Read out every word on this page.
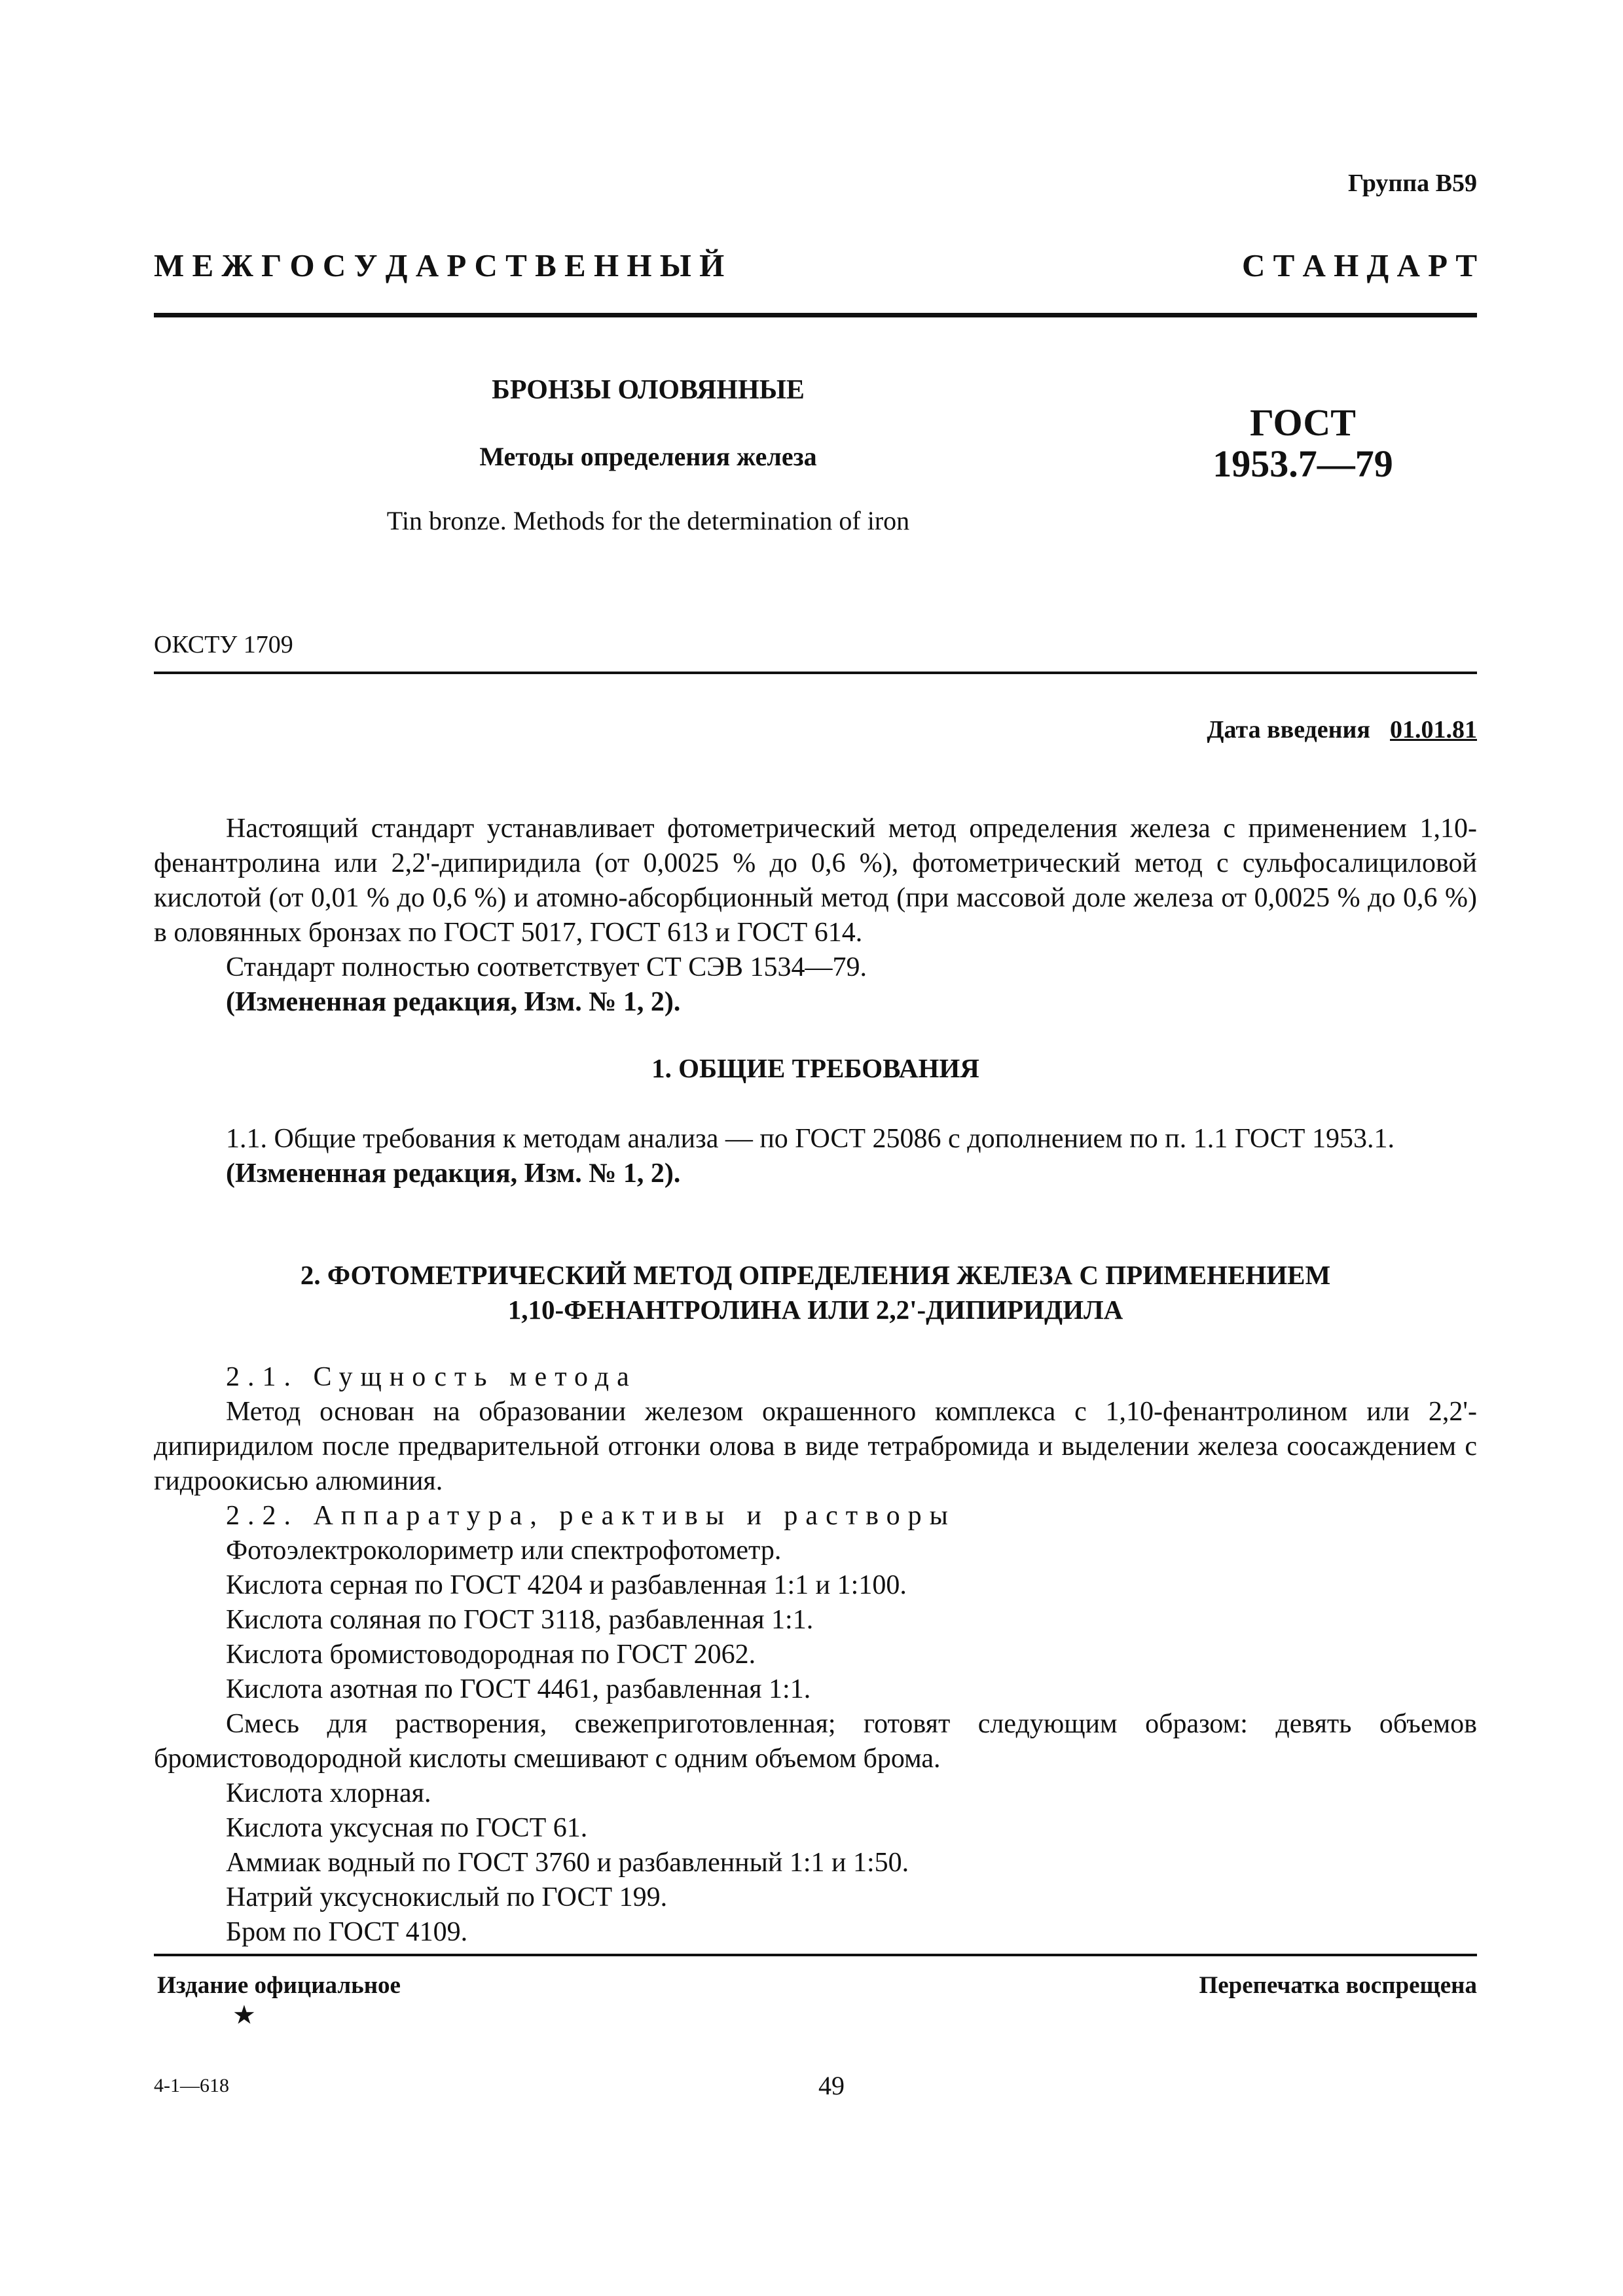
Группа В59
М Е Ж Г О С У Д А Р С Т В Е Н Н Ы Й	С Т А Н Д А Р Т
БРОНЗЫ ОЛОВЯННЫЕ
Методы определения железа
Tin bronze. Methods for the determination of iron
ГОСТ
1953.7—79
ОКСТУ 1709
Дата введения 01.01.81

Настоящий стандарт устанавливает фотометрический метод определения железа с применением 1,10-фенантролина или 2,2'-дипиридила (от 0,0025 % до 0,6 %), фотометрический метод с сульфосалициловой кислотой (от 0,01 % до 0,6 %) и атомно-абсорбционный метод (при массовой доле железа от 0,0025 % до 0,6 %) в оловянных бронзах по ГОСТ 5017, ГОСТ 613 и ГОСТ 614.

Стандарт полностью соответствует СТ СЭВ 1534—79.

(Измененная редакция, Изм. № 1, 2).

1. ОБЩИЕ ТРЕБОВАНИЯ

1.1. Общие требования к методам анализа — по ГОСТ 25086 с дополнением по п. 1.1 ГОСТ 1953.1.

(Измененная редакция, Изм. № 1, 2).

2. ФОТОМЕТРИЧЕСКИЙ МЕТОД ОПРЕДЕЛЕНИЯ ЖЕЛЕЗА С ПРИМЕНЕНИЕМ
1,10-ФЕНАНТРОЛИНА ИЛИ 2,2'-ДИПИРИДИЛА

2.1. Сущность метода

Метод основан на образовании железом окрашенного комплекса с 1,10-фенантролином или 2,2'-дипиридилом после предварительной отгонки олова в виде тетрабромида и выделении железа соосаждением с гидроокисью алюминия.

2.2. Аппаратура, реактивы и растворы

Фотоэлектроколориметр или спектрофотометр.

Кислота серная по ГОСТ 4204 и разбавленная 1:1 и 1:100.

Кислота соляная по ГОСТ 3118, разбавленная 1:1.

Кислота бромистоводородная по ГОСТ 2062.

Кислота азотная по ГОСТ 4461, разбавленная 1:1.

Смесь для растворения, свежеприготовленная; готовят следующим образом: девять объемов бромистоводородной кислоты смешивают с одним объемом брома.

Кислота хлорная.

Кислота уксусная по ГОСТ 61.

Аммиак водный по ГОСТ 3760 и разбавленный 1:1 и 1:50.

Натрий уксуснокислый по ГОСТ 199.

Бром по ГОСТ 4109.

Издание официальное
★
Перепечатка воспрещена
4-1—618	49
